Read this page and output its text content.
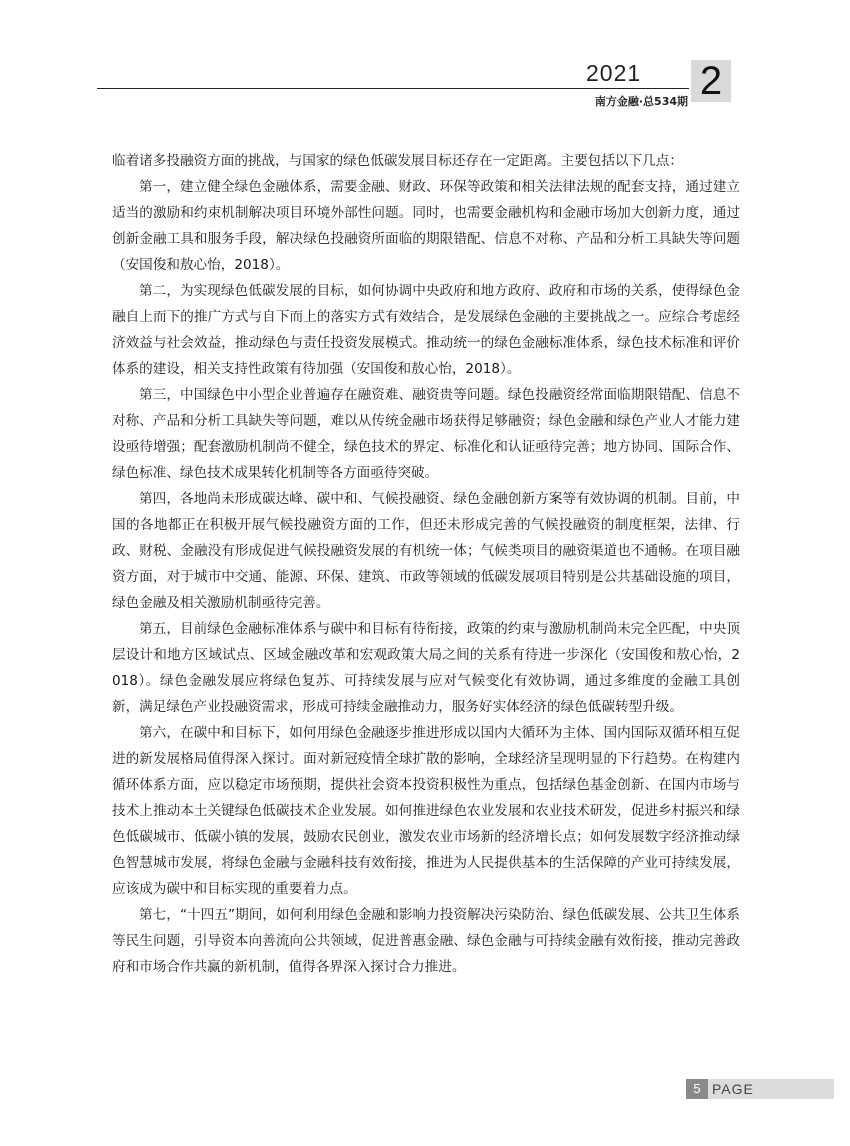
2021	2
南方金融·总534期

临着诸多投融资方面的挑战，与国家的绿色低碳发展目标还存在一定距离。主要包括以下几点：

第一，建立健全绿色金融体系，需要金融、财政、环保等政策和相关法律法规的配套支持，通过建立适当的激励和约束机制解决项目环境外部性问题。同时，也需要金融机构和金融市场加大创新力度，通过创新金融工具和服务手段，解决绿色投融资所面临的期限错配、信息不对称、产品和分析工具缺失等问题（安国俊和敖心怡，2018）。

第二，为实现绿色低碳发展的目标，如何协调中央政府和地方政府、政府和市场的关系，使得绿色金融自上而下的推广方式与自下而上的落实方式有效结合，是发展绿色金融的主要挑战之一。应综合考虑经济效益与社会效益，推动绿色与责任投资发展模式。推动统一的绿色金融标准体系，绿色技术标准和评价体系的建设，相关支持性政策有待加强（安国俊和敖心怡，2018）。

第三，中国绿色中小型企业普遍存在融资难、融资贵等问题。绿色投融资经常面临期限错配、信息不对称、产品和分析工具缺失等问题，难以从传统金融市场获得足够融资；绿色金融和绿色产业人才能力建设亟待增强；配套激励机制尚不健全，绿色技术的界定、标准化和认证亟待完善；地方协同、国际合作、绿色标准、绿色技术成果转化机制等各方面亟待突破。

第四，各地尚未形成碳达峰、碳中和、气候投融资、绿色金融创新方案等有效协调的机制。目前，中国的各地都正在积极开展气候投融资方面的工作，但还未形成完善的气候投融资的制度框架，法律、行政、财税、金融没有形成促进气候投融资发展的有机统一体；气候类项目的融资渠道也不通畅。在项目融资方面，对于城市中交通、能源、环保、建筑、市政等领域的低碳发展项目特别是公共基础设施的项目，绿色金融及相关激励机制亟待完善。

第五，目前绿色金融标准体系与碳中和目标有待衔接，政策的约束与激励机制尚未完全匹配，中央顶层设计和地方区域试点、区域金融改革和宏观政策大局之间的关系有待进一步深化（安国俊和敖心怡，2018）。绿色金融发展应将绿色复苏、可持续发展与应对气候变化有效协调，通过多维度的金融工具创新，满足绿色产业投融资需求，形成可持续金融推动力，服务好实体经济的绿色低碳转型升级。

第六，在碳中和目标下，如何用绿色金融逐步推进形成以国内大循环为主体、国内国际双循环相互促进的新发展格局值得深入探讨。面对新冠疫情全球扩散的影响，全球经济呈现明显的下行趋势。在构建内循环体系方面，应以稳定市场预期，提供社会资本投资积极性为重点，包括绿色基金创新、在国内市场与技术上推动本土关键绿色低碳技术企业发展。如何推进绿色农业发展和农业技术研发，促进乡村振兴和绿色低碳城市、低碳小镇的发展，鼓励农民创业，激发农业市场新的经济增长点；如何发展数字经济推动绿色智慧城市发展，将绿色金融与金融科技有效衔接，推进为人民提供基本的生活保障的产业可持续发展，应该成为碳中和目标实现的重要着力点。

第七，“十四五”期间，如何利用绿色金融和影响力投资解决污染防治、绿色低碳发展、公共卫生体系等民生问题，引导资本向善流向公共领域，促进普惠金融、绿色金融与可持续金融有效衔接，推动完善政府和市场合作共赢的新机制，值得各界深入探讨合力推进。

5 PAGE
